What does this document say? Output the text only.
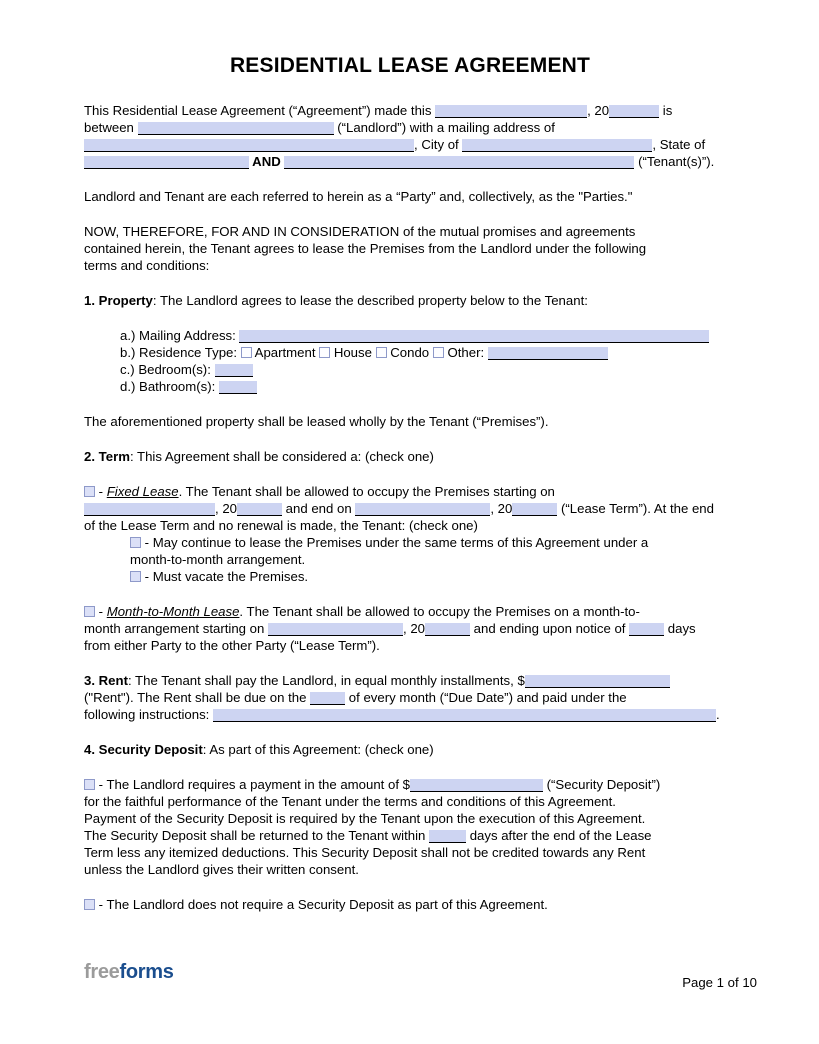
RESIDENTIAL LEASE AGREEMENT
This Residential Lease Agreement (“Agreement”) made this	, 20	is
between	(“Landlord”) with a mailing address of
, City of	, State of
AND	(“Tenant(s)”).
Landlord and Tenant are each referred to herein as a “Party” and, collectively, as the "Parties."
NOW, THEREFORE, FOR AND IN CONSIDERATION of the mutual promises and agreements
contained herein, the Tenant agrees to lease the Premises from the Landlord under the following
terms and conditions:
1. Property: The Landlord agrees to lease the described property below to the Tenant:
a.) Mailing Address:
b.) Residence Type:  Apartment  House  Condo  Other:
c.) Bedroom(s):
d.) Bathroom(s):
The aforementioned property shall be leased wholly by the Tenant (“Premises”).
2. Term: This Agreement shall be considered a: (check one)
- Fixed Lease. The Tenant shall be allowed to occupy the Premises starting on
, 20	and end on	, 20	(“Lease Term”). At the end
of the Lease Term and no renewal is made, the Tenant: (check one)
- May continue to lease the Premises under the same terms of this Agreement under a
month-to-month arrangement.
- Must vacate the Premises.
- Month-to-Month Lease. The Tenant shall be allowed to occupy the Premises on a month-to-
month arrangement starting on	, 20	and ending upon notice of	days
from either Party to the other Party (“Lease Term”).
3. Rent: The Tenant shall pay the Landlord, in equal monthly installments, $
("Rent"). The Rent shall be due on the	of every month (“Due Date”) and paid under the
following instructions:	.
4. Security Deposit: As part of this Agreement: (check one)
- The Landlord requires a payment in the amount of $	(“Security Deposit”)
for the faithful performance of the Tenant under the terms and conditions of this Agreement.
Payment of the Security Deposit is required by the Tenant upon the execution of this Agreement.
The Security Deposit shall be returned to the Tenant within	days after the end of the Lease
Term less any itemized deductions. This Security Deposit shall not be credited towards any Rent
unless the Landlord gives their written consent.
- The Landlord does not require a Security Deposit as part of this Agreement.
freeforms	Page 1 of 10
